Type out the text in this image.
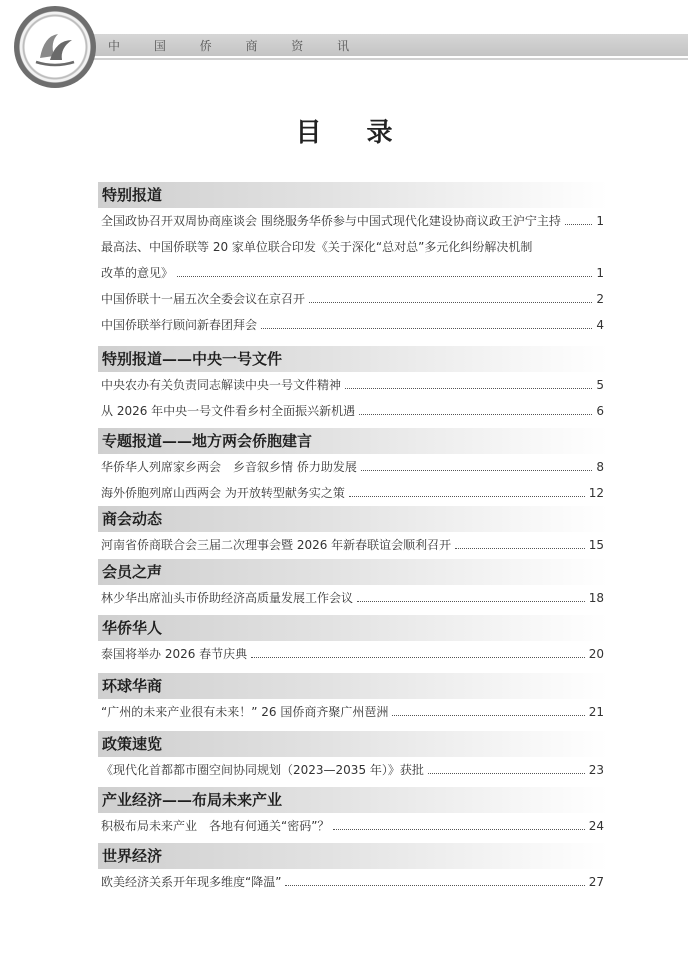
中 国 侨 商 资 讯
目 录
特别报道
全国政协召开双周协商座谈会 围绕服务华侨参与中国式现代化建设协商议政王沪宁主持	1
最高法、中国侨联等 20 家单位联合印发《关于深化“总对总”多元化纠纷解决机制
改革的意见》	1
中国侨联十一届五次全委会议在京召开	2
中国侨联举行顾问新春团拜会	4
特别报道——中央一号文件
中央农办有关负责同志解读中央一号文件精神	5
从 2026 年中央一号文件看乡村全面振兴新机遇	6
专题报道——地方两会侨胞建言
华侨华人列席家乡两会　乡音叙乡情 侨力助发展	8
海外侨胞列席山西两会 为开放转型献务实之策	12
商会动态
河南省侨商联合会三届二次理事会暨 2026 年新春联谊会顺利召开	15
会员之声
林少华出席汕头市侨助经济高质量发展工作会议	18
华侨华人
泰国将举办 2026 春节庆典	20
环球华商
“广州的未来产业很有未来！” 26 国侨商齐聚广州琶洲	21
政策速览
《现代化首都都市圈空间协同规划（2023—2035 年）》获批	23
产业经济——布局未来产业
积极布局未来产业　各地有何通关“密码”？	24
世界经济
欧美经济关系开年现多维度“降温”	27
